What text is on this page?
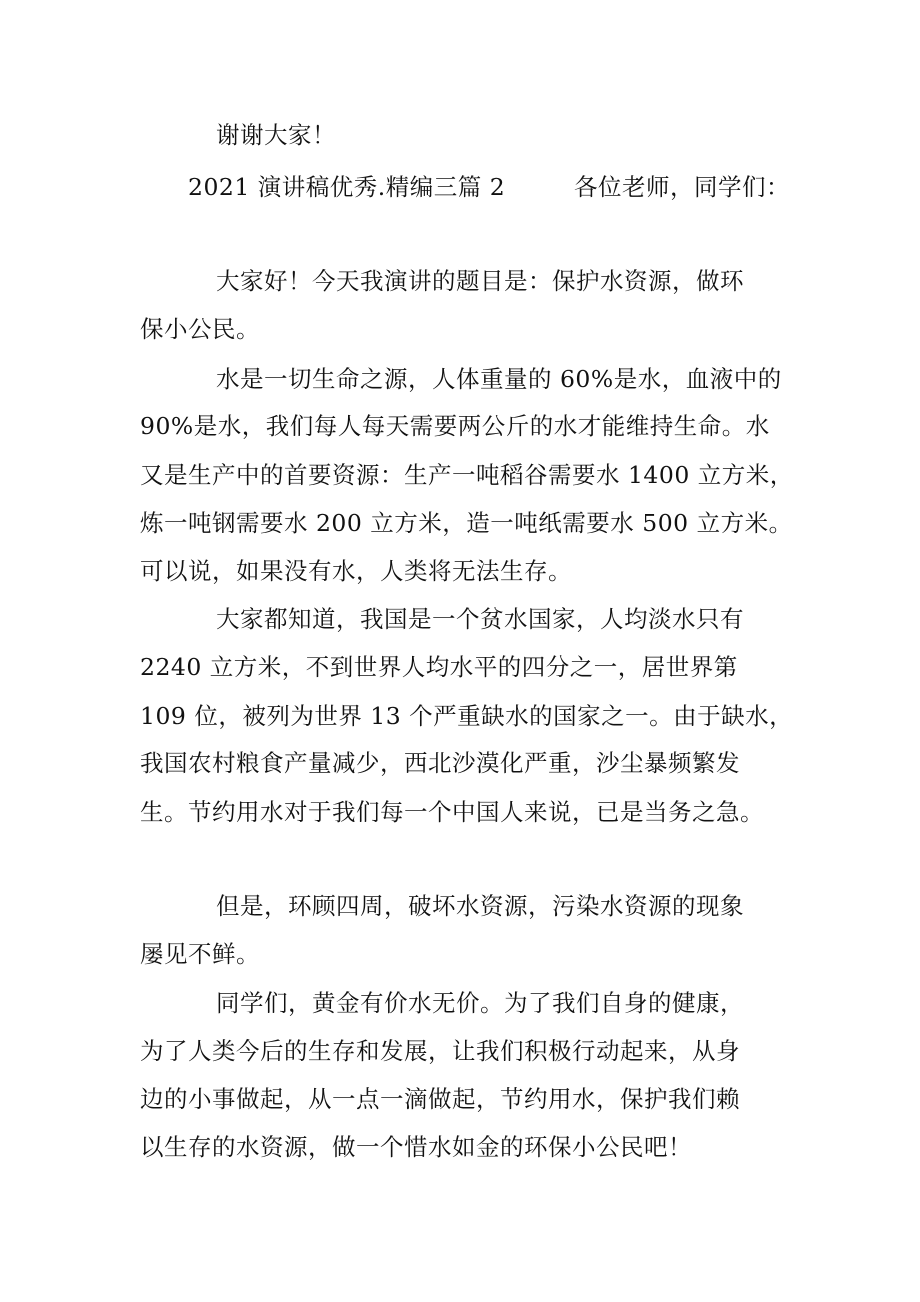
谢谢大家！
2021 演讲稿优秀.精编三篇 2	各位老师，同学们：
大家好！今天我演讲的题目是：保护水资源，做环
保小公民。
水是一切生命之源，人体重量的 60%是水，血液中的
90%是水，我们每人每天需要两公斤的水才能维持生命。水
又是生产中的首要资源：生产一吨稻谷需要水 1400 立方米，
炼一吨钢需要水 200 立方米，造一吨纸需要水 500 立方米。
可以说，如果没有水，人类将无法生存。
大家都知道，我国是一个贫水国家，人均淡水只有
2240 立方米，不到世界人均水平的四分之一，居世界第
109 位，被列为世界 13 个严重缺水的国家之一。由于缺水，
我国农村粮食产量减少，西北沙漠化严重，沙尘暴频繁发
生。节约用水对于我们每一个中国人来说，已是当务之急。
但是，环顾四周，破坏水资源，污染水资源的现象
屡见不鲜。
同学们，黄金有价水无价。为了我们自身的健康，
为了人类今后的生存和发展，让我们积极行动起来，从身
边的小事做起，从一点一滴做起，节约用水，保护我们赖
以生存的水资源，做一个惜水如金的环保小公民吧！
